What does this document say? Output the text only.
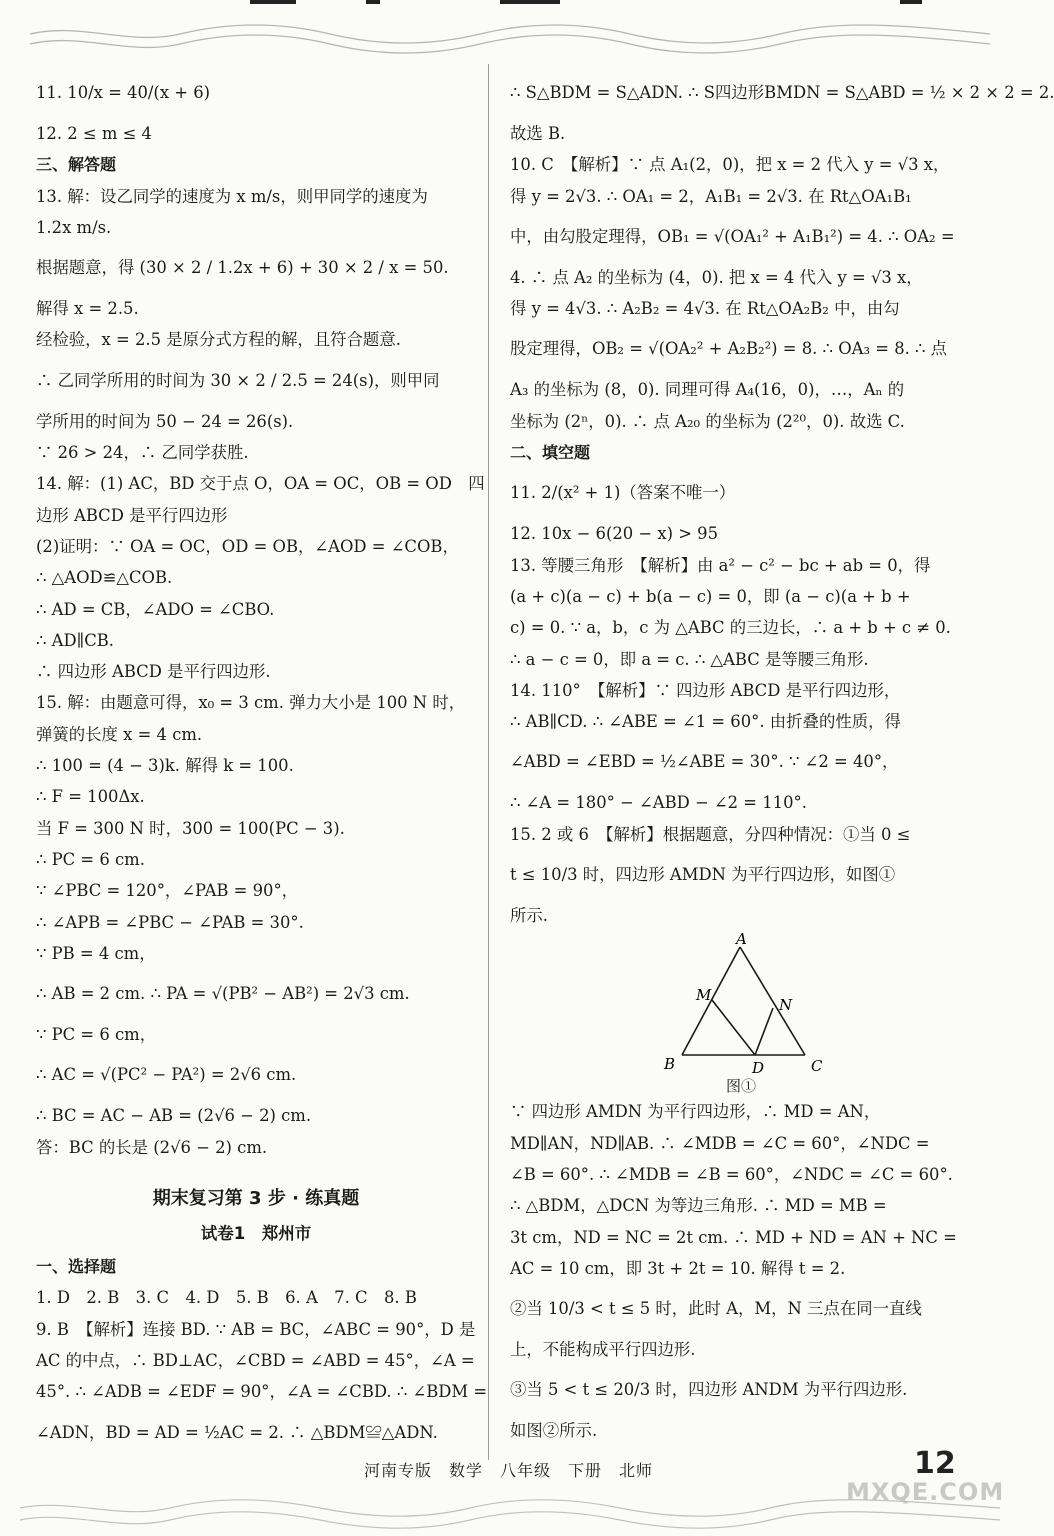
11. 10/x = 40/(x + 6)
12. 2 ≤ m ≤ 4
三、解答题
13. 解：设乙同学的速度为 x m/s，则甲同学的速度为
1.2x m/s.
根据题意，得 (30 × 2 / 1.2x + 6) + 30 × 2 / x = 50.
解得 x = 2.5.
经检验，x = 2.5 是原分式方程的解，且符合题意.
∴ 乙同学所用的时间为 30 × 2 / 2.5 = 24(s)，则甲同
学所用的时间为 50 − 24 = 26(s).
∵ 26 > 24，∴ 乙同学获胜.
14. 解：(1) AC，BD 交于点 O，OA = OC，OB = OD　四
边形 ABCD 是平行四边形
(2)证明：∵ OA = OC，OD = OB，∠AOD = ∠COB，
∴ △AOD≌△COB.
∴ AD = CB，∠ADO = ∠CBO.
∴ AD∥CB.
∴ 四边形 ABCD 是平行四边形.
15. 解：由题意可得，x₀ = 3 cm. 弹力大小是 100 N 时，
弹簧的长度 x = 4 cm.
∴ 100 = (4 − 3)k. 解得 k = 100.
∴ F = 100Δx.
当 F = 300 N 时，300 = 100(PC − 3).
∴ PC = 6 cm.
∵ ∠PBC = 120°，∠PAB = 90°，
∴ ∠APB = ∠PBC − ∠PAB = 30°.
∵ PB = 4 cm，
∴ AB = 2 cm. ∴ PA = √(PB² − AB²) = 2√3 cm.
∵ PC = 6 cm，
∴ AC = √(PC² − PA²) = 2√6 cm.
∴ BC = AC − AB = (2√6 − 2) cm.
答：BC 的长是 (2√6 − 2) cm.
期末复习第 3 步 · 练真题
试卷1　郑州市
一、选择题
1. D　2. B　3. C　4. D　5. B　6. A　7. C　8. B
9. B　【解析】连接 BD. ∵ AB = BC，∠ABC = 90°，D 是
AC 的中点，∴ BD⊥AC，∠CBD = ∠ABD = 45°，∠A =
45°. ∴ ∠ADB = ∠EDF = 90°，∠A = ∠CBD. ∴ ∠BDM =
∠ADN，BD = AD = ½AC = 2. ∴ △BDM≌△ADN.
∴ S△BDM = S△ADN. ∴ S四边形BMDN = S△ABD = ½ × 2 × 2 = 2.
故选 B.
10. C　【解析】∵ 点 A₁(2，0)，把 x = 2 代入 y = √3 x，
得 y = 2√3. ∴ OA₁ = 2，A₁B₁ = 2√3. 在 Rt△OA₁B₁
中，由勾股定理得，OB₁ = √(OA₁² + A₁B₁²) = 4. ∴ OA₂ =
4. ∴ 点 A₂ 的坐标为 (4，0). 把 x = 4 代入 y = √3 x，
得 y = 4√3. ∴ A₂B₂ = 4√3. 在 Rt△OA₂B₂ 中，由勾
股定理得，OB₂ = √(OA₂² + A₂B₂²) = 8. ∴ OA₃ = 8. ∴ 点
A₃ 的坐标为 (8，0). 同理可得 A₄(16，0)，…，Aₙ 的
坐标为 (2ⁿ，0). ∴ 点 A₂₀ 的坐标为 (2²⁰，0). 故选 C.
二、填空题
11. 2/(x² + 1)（答案不唯一）
12. 10x − 6(20 − x) > 95
13. 等腰三角形　【解析】由 a² − c² − bc + ab = 0，得
(a + c)(a − c) + b(a − c) = 0，即 (a − c)(a + b +
c) = 0. ∵ a，b，c 为 △ABC 的三边长，∴ a + b + c ≠ 0.
∴ a − c = 0，即 a = c. ∴ △ABC 是等腰三角形.
14. 110°　【解析】∵ 四边形 ABCD 是平行四边形，
∴ AB∥CD. ∴ ∠ABE = ∠1 = 60°. 由折叠的性质，得
∠ABD = ∠EBD = ½∠ABE = 30°. ∵ ∠2 = 40°，
∴ ∠A = 180° − ∠ABD − ∠2 = 110°.
15. 2 或 6　【解析】根据题意，分四种情况：①当 0 ≤
t ≤ 10/3 时，四边形 AMDN 为平行四边形，如图①
所示.
A
M
N
B	D	C
图①
∵ 四边形 AMDN 为平行四边形，∴ MD = AN，
MD∥AN，ND∥AB. ∴ ∠MDB = ∠C = 60°，∠NDC =
∠B = 60°. ∴ ∠MDB = ∠B = 60°，∠NDC = ∠C = 60°.
∴ △BDM，△DCN 为等边三角形. ∴ MD = MB =
3t cm，ND = NC = 2t cm. ∴ MD + ND = AN + NC =
AC = 10 cm，即 3t + 2t = 10. 解得 t = 2.
②当 10/3 < t ≤ 5 时，此时 A，M，N 三点在同一直线
上，不能构成平行四边形.
③当 5 < t ≤ 20/3 时，四边形 ANDM 为平行四边形.
如图②所示.
河南专版　数学　八年级　下册　北师	12
MXQE.COM
